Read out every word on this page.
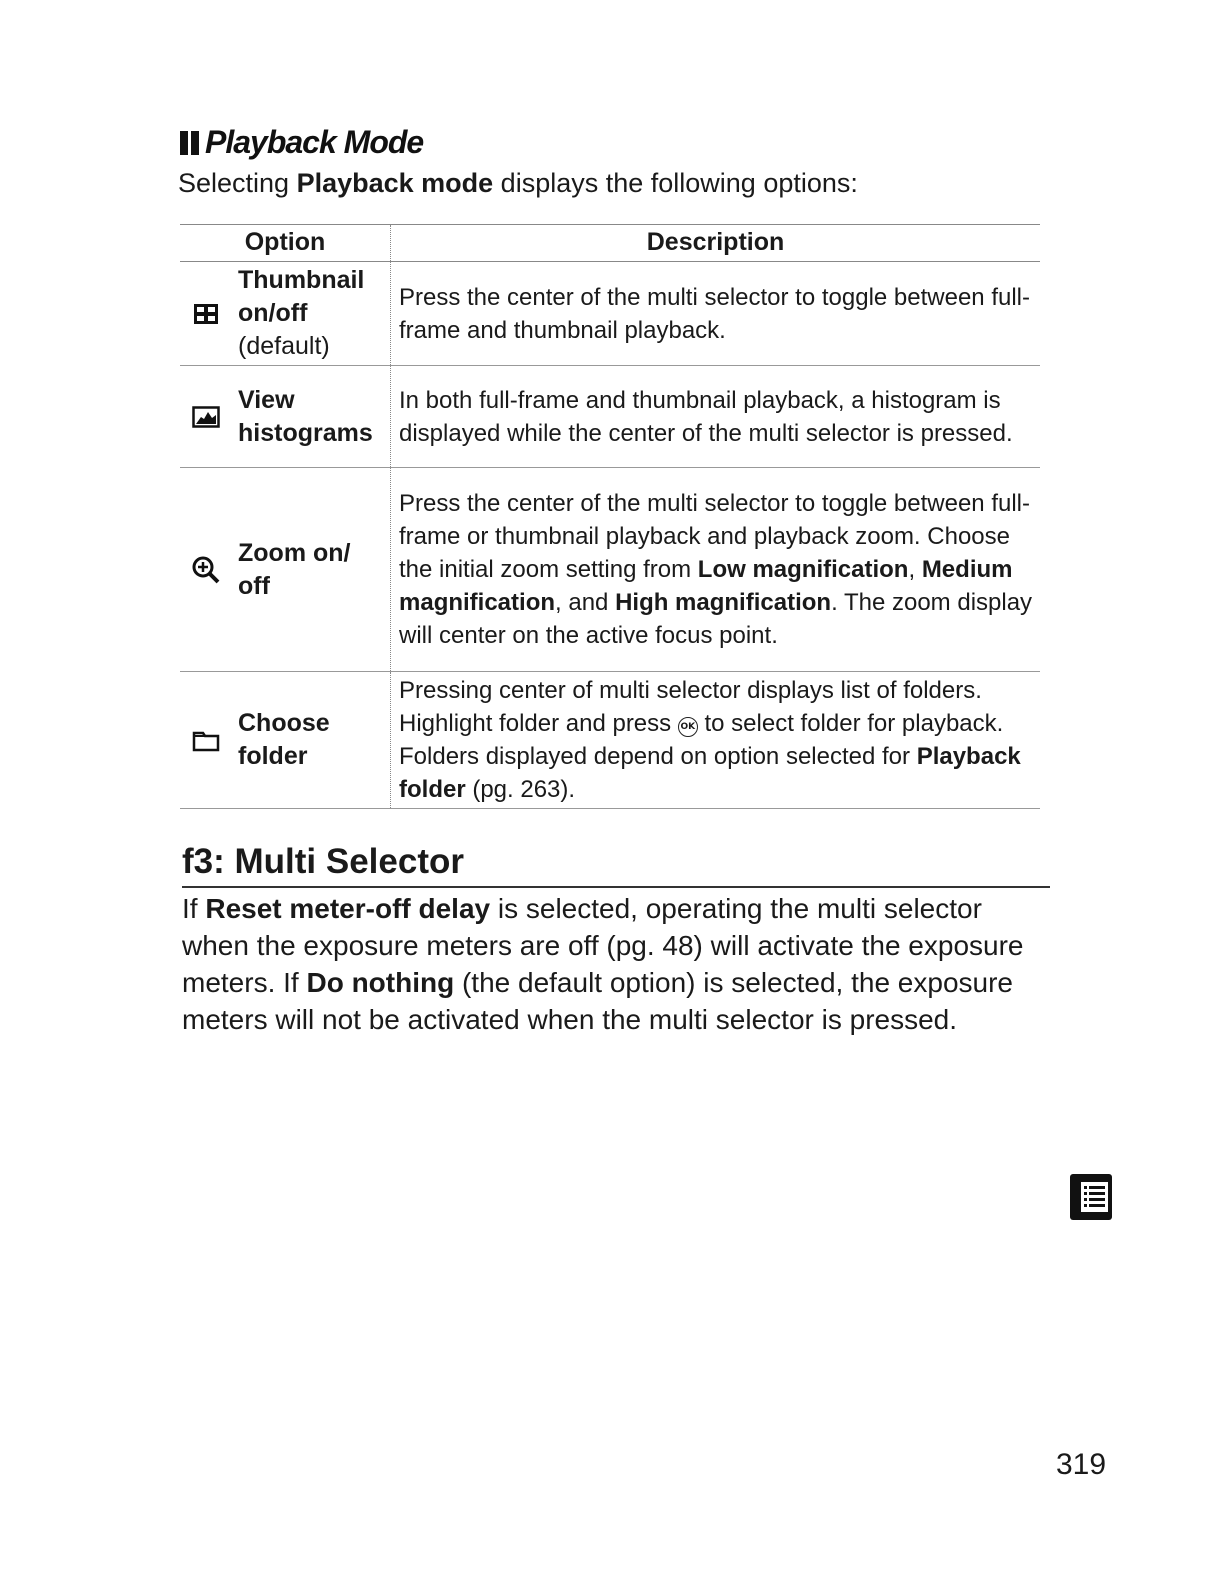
Playback Mode
Selecting Playback mode displays the following options:
Option		Description

Thumbnail
on/off
(default)	Press the center of the multi selector to toggle between full-frame and thumbnail playback.

View
histograms	In both full-frame and thumbnail playback, a histogram is displayed while the center of the multi selector is pressed.

Zoom on/
off	Press the center of the multi selector to toggle between full-frame or thumbnail playback and playback zoom. Choose the initial zoom setting from Low magnification, Medium magnification, and High magnification. The zoom display will center on the active focus point.

Choose
folder	Pressing center of multi selector displays list of folders. Highlight folder and press OK to select folder for playback. Folders displayed depend on option selected for Playback folder (pg. 263).
f3: Multi Selector
If Reset meter-off delay is selected, operating the multi selector when the exposure meters are off (pg. 48) will activate the exposure meters. If Do nothing (the default option) is selected, the exposure meters will not be activated when the multi selector is pressed.
319
